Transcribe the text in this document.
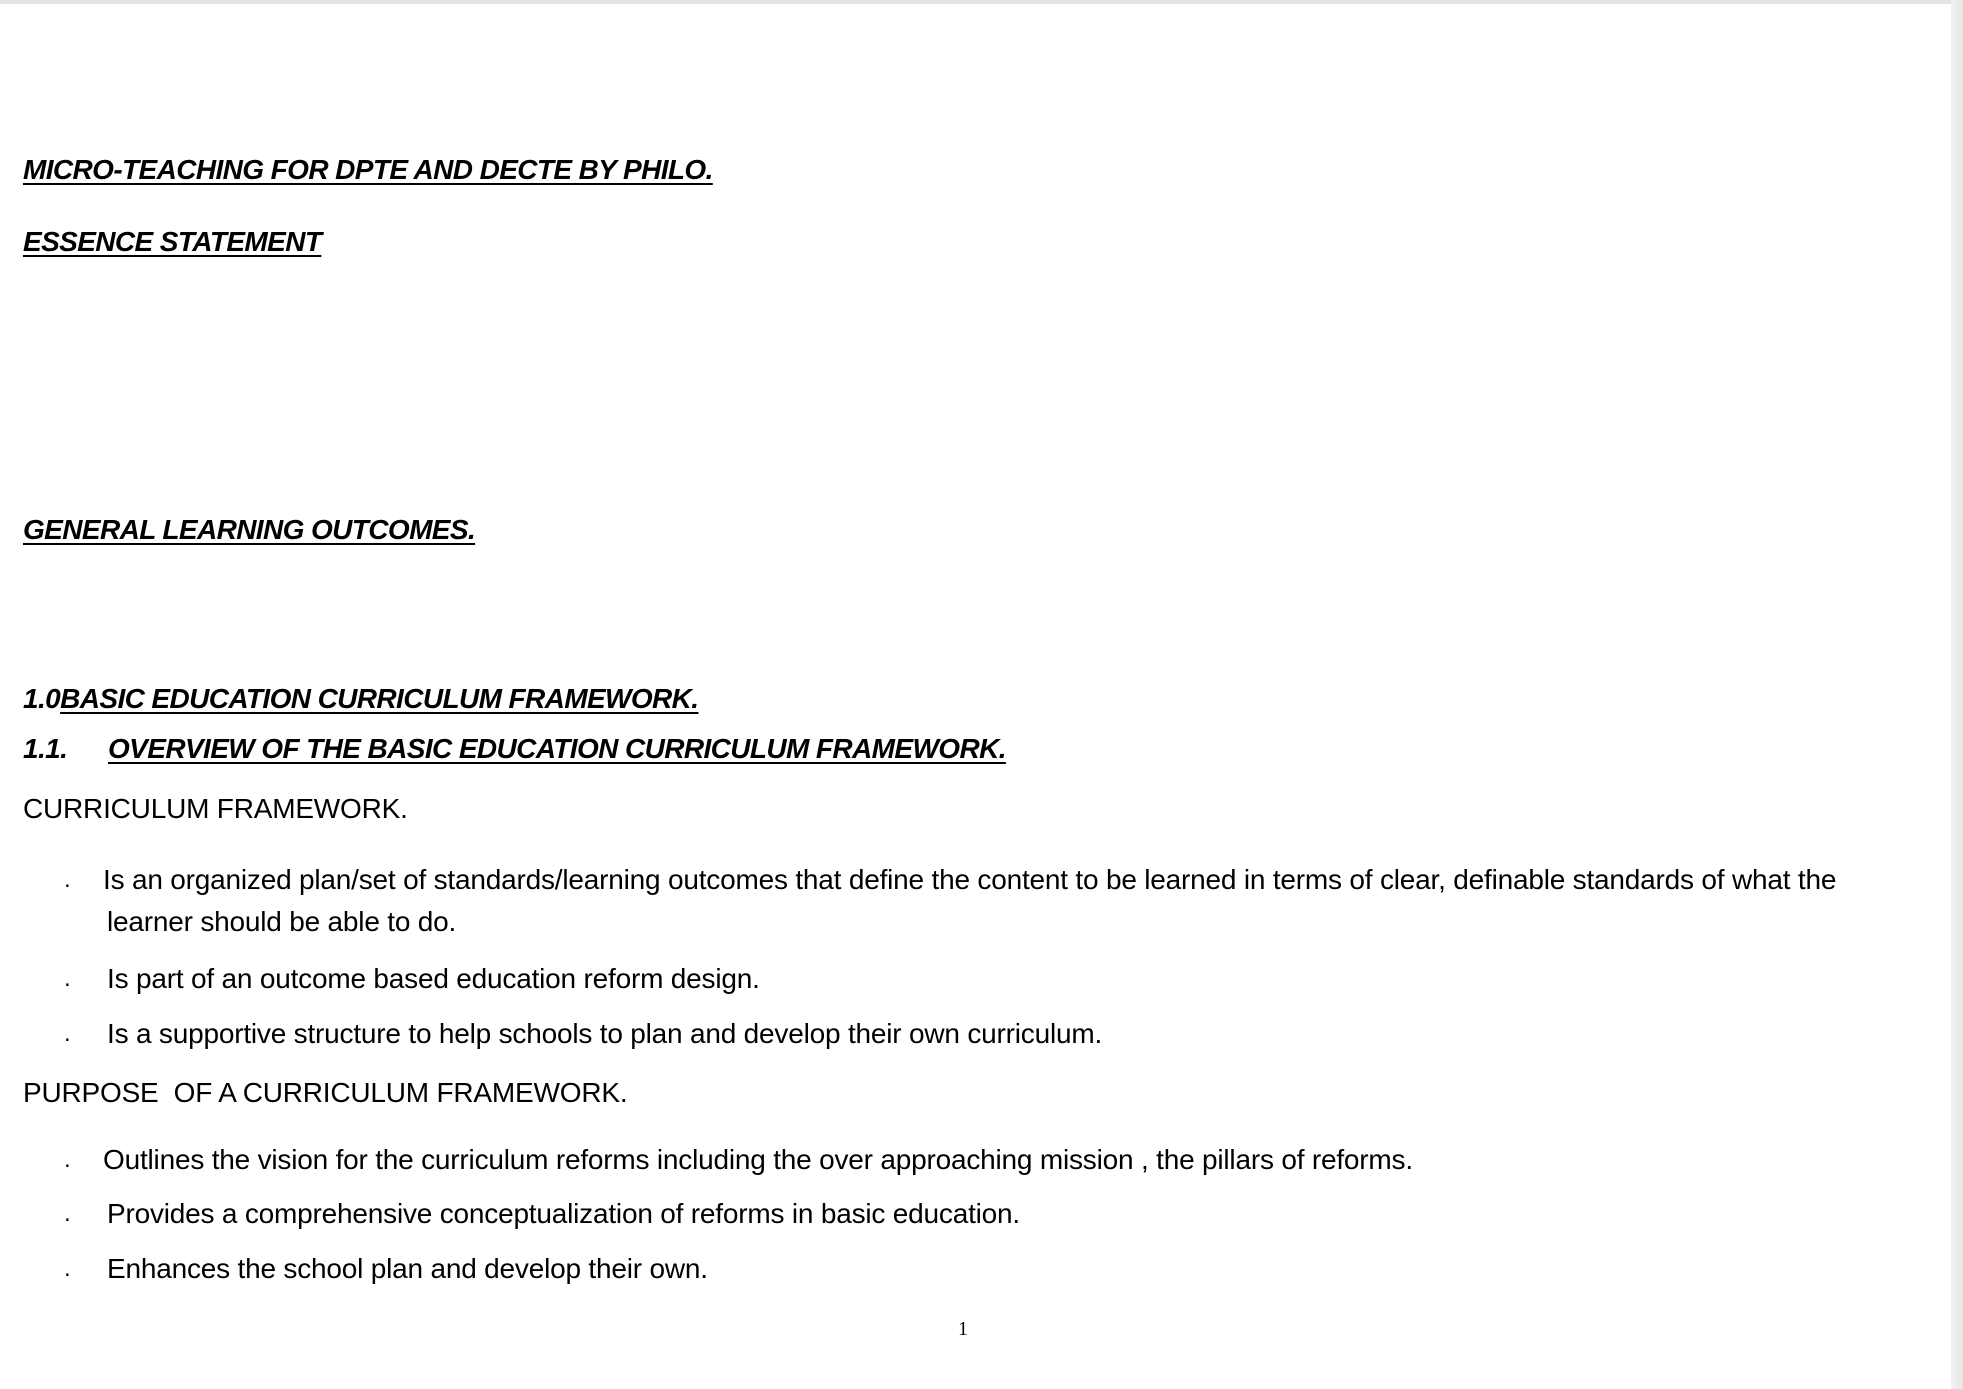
MICRO-TEACHING FOR DPTE AND DECTE BY PHILO.
ESSENCE STATEMENT
GENERAL LEARNING OUTCOMES.
1.0BASIC EDUCATION CURRICULUM FRAMEWORK.
1.1. OVERVIEW OF THE BASIC EDUCATION CURRICULUM FRAMEWORK.
CURRICULUM FRAMEWORK.
.	Is an organized plan/set of standards/learning outcomes that define the content to be learned in terms of clear, definable standards of what the learner should be able to do.
.	Is part of an outcome based education reform design.
.	Is a supportive structure to help schools to plan and develop their own curriculum.
PURPOSE  OF A CURRICULUM FRAMEWORK.
.	Outlines the vision for the curriculum reforms including the over approaching mission , the pillars of reforms.
.	Provides a comprehensive conceptualization of reforms in basic education.
.	Enhances the school plan and develop their own.
1
